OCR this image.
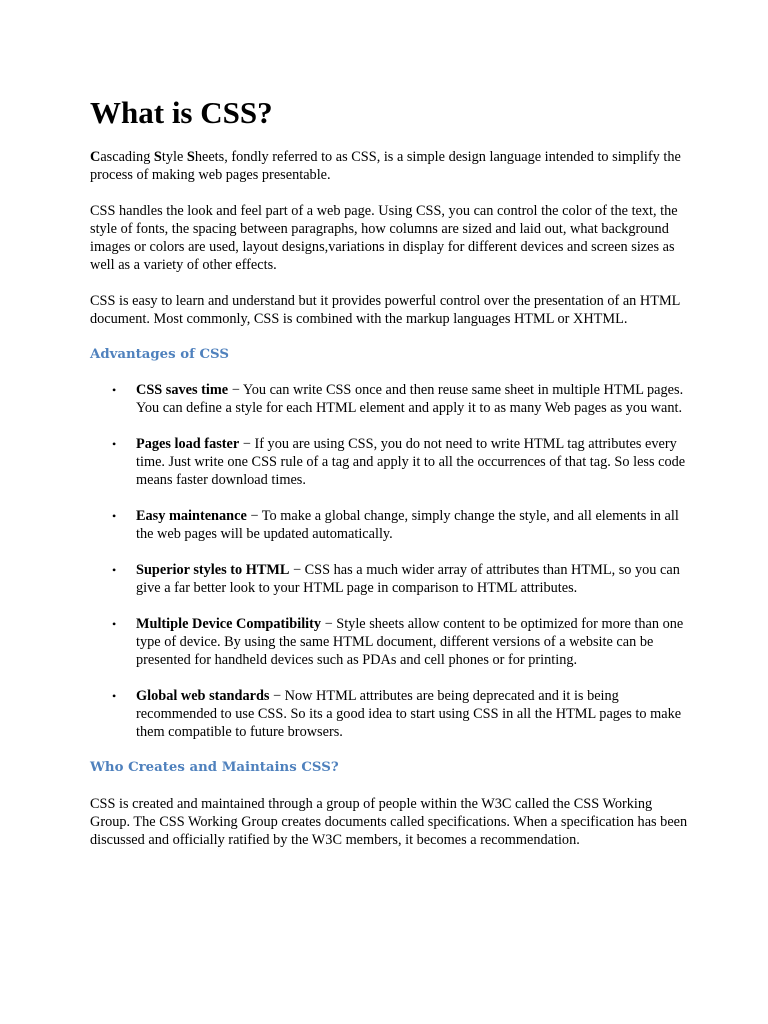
What is CSS?

Cascading Style Sheets, fondly referred to as CSS, is a simple design language intended to simplify the process of making web pages presentable.

CSS handles the look and feel part of a web page. Using CSS, you can control the color of the text, the style of fonts, the spacing between paragraphs, how columns are sized and laid out, what background images or colors are used, layout designs,variations in display for different devices and screen sizes as well as a variety of other effects.

CSS is easy to learn and understand but it provides powerful control over the presentation of an HTML document. Most commonly, CSS is combined with the markup languages HTML or XHTML.

Advantages of CSS
• CSS saves time − You can write CSS once and then reuse same sheet in multiple HTML pages. You can define a style for each HTML element and apply it to as many Web pages as you want.
• Pages load faster − If you are using CSS, you do not need to write HTML tag attributes every time. Just write one CSS rule of a tag and apply it to all the occurrences of that tag. So less code means faster download times.
• Easy maintenance − To make a global change, simply change the style, and all elements in all the web pages will be updated automatically.
• Superior styles to HTML − CSS has a much wider array of attributes than HTML, so you can give a far better look to your HTML page in comparison to HTML attributes.
• Multiple Device Compatibility − Style sheets allow content to be optimized for more than one type of device. By using the same HTML document, different versions of a website can be presented for handheld devices such as PDAs and cell phones or for printing.
• Global web standards − Now HTML attributes are being deprecated and it is being recommended to use CSS. So its a good idea to start using CSS in all the HTML pages to make them compatible to future browsers.
Who Creates and Maintains CSS?

CSS is created and maintained through a group of people within the W3C called the CSS Working Group. The CSS Working Group creates documents called specifications. When a specification has been discussed and officially ratified by the W3C members, it becomes a recommendation.
